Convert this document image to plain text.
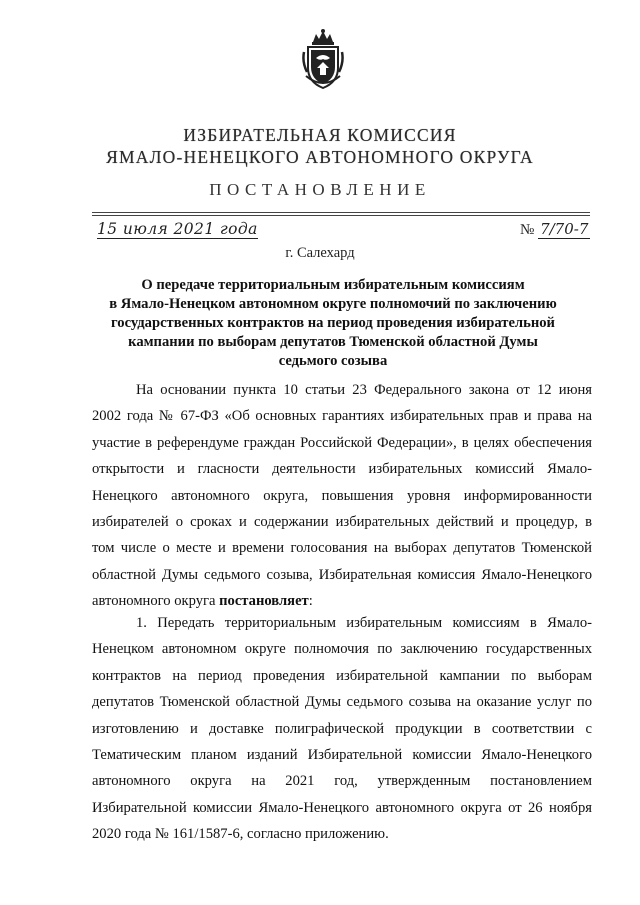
ИЗБИРАТЕЛЬНАЯ КОМИССИЯ
ЯМАЛО-НЕНЕЦКОГО АВТОНОМНОГО ОКРУГА
ПОСТАНОВЛЕНИЕ
15 июля 2021 года	№ 7/70-7
г. Салехард
О передаче территориальным избирательным комиссиям
в Ямало-Ненецком автономном округе полномочий по заключению
государственных контрактов на период проведения избирательной
кампании по выборам депутатов Тюменской областной Думы
седьмого созыва
На основании пункта 10 статьи 23 Федерального закона от 12 июня
2002 года № 67-ФЗ «Об основных гарантиях избирательных прав и права на
участие в референдуме граждан Российской Федерации», в целях обеспечения
открытости и гласности деятельности избирательных комиссий Ямало-
Ненецкого автономного округа, повышения уровня информированности
избирателей о сроках и содержании избирательных действий и процедур, в
том числе о месте и времени голосования на выборах депутатов Тюменской
областной Думы седьмого созыва, Избирательная комиссия Ямало-Ненецкого
автономного округа постановляет:
1. Передать территориальным избирательным комиссиям в Ямало-
Ненецком автономном округе полномочия по заключению государственных
контрактов на период проведения избирательной кампании по выборам
депутатов Тюменской областной Думы седьмого созыва на оказание услуг по
изготовлению и доставке полиграфической продукции в соответствии с
Тематическим планом изданий Избирательной комиссии Ямало-Ненецкого
автономного округа на 2021 год, утвержденным постановлением
Избирательной комиссии Ямало-Ненецкого автономного округа от 26 ноября
2020 года № 161/1587-6, согласно приложению.
